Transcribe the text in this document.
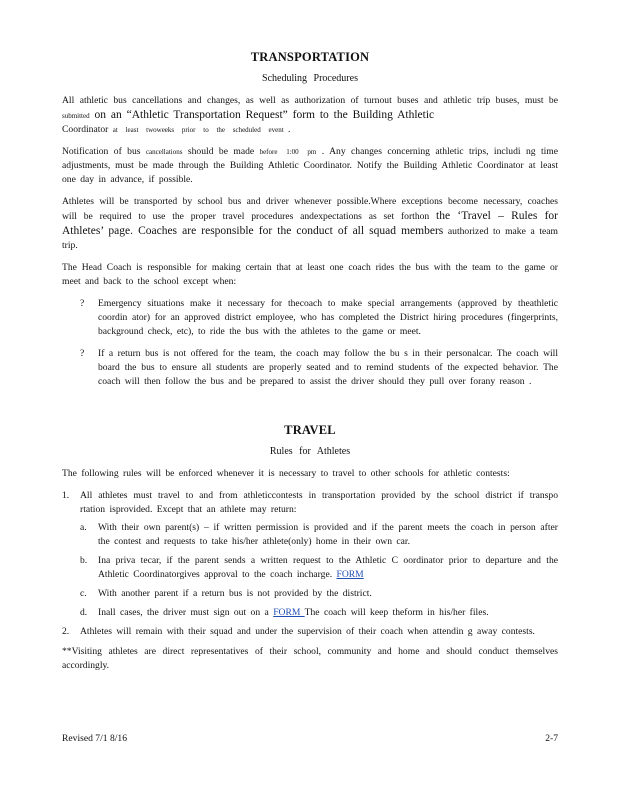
TRANSPORTATION
Scheduling Procedures

All athletic bus cancellations and changes, as well as authorization of turnout buses and athletic trip buses, must be submitted on an “Athletic Transportation Request” form to the Building Athletic
Coordinator at least twoweeks prior to the scheduled event .

Notification of bus cancellations should be made before 1:00 pm . Any changes concerning athletic trips, includi ng time adjustments, must be made through the Building Athletic Coordinator. Notify the Building Athletic Coordinator at least one day in advance, if possible.

Athletes will be transported by school bus and driver whenever possible.Where exceptions become necessary, coaches will be required to use the proper travel procedures andexpectations as set forthon the ‘Travel – Rules for Athletes’ page. Coaches are responsible for the conduct of all squad members authorized to make a team trip.

The Head Coach is responsible for making certain that at least one coach rides the bus with the team to the game or meet and back to the school except when:

?	Emergency situations make it necessary for thecoach to make special arrangements (approved by theathletic coordin ator) for an approved district employee, who has completed the District hiring procedures (fingerprints, background check, etc), to ride the bus with the athletes to the game or meet.
?	If a return bus is not offered for the team, the coach may follow the bu s in their personalcar. The coach will board the bus to ensure all students are properly seated and to remind students of the expected behavior. The coach will then follow the bus and be prepared to assist the driver should they pull over forany reason .
TRAVEL
Rules for Athletes

The following rules will be enforced whenever it is necessary to travel to other schools for athletic contests:

1.	All athletes must travel to and from athleticcontests in transportation provided by the school district if transpo rtation isprovided. Except that an athlete may return:
a.	With their own parent(s) – if written permission is provided and if the parent meets the coach in person after the contest and requests to take his/her athlete(only) home in their own car.
b.	Ina priva tecar, if the parent sends a written request to the Athletic C oordinator prior to departure and the Athletic Coordinatorgives approval to the coach incharge. FORM
c.	With another parent if a return bus is not provided by the district.
d.	Inall cases, the driver must sign out on a FORM The coach will keep theform in his/her files.
2.	Athletes will remain with their squad and under the supervision of their coach when attendin g away contests.

**Visiting athletes are direct representatives of their school, community and home and should conduct themselves accordingly.

Revised 7/1 8/16	2-7
